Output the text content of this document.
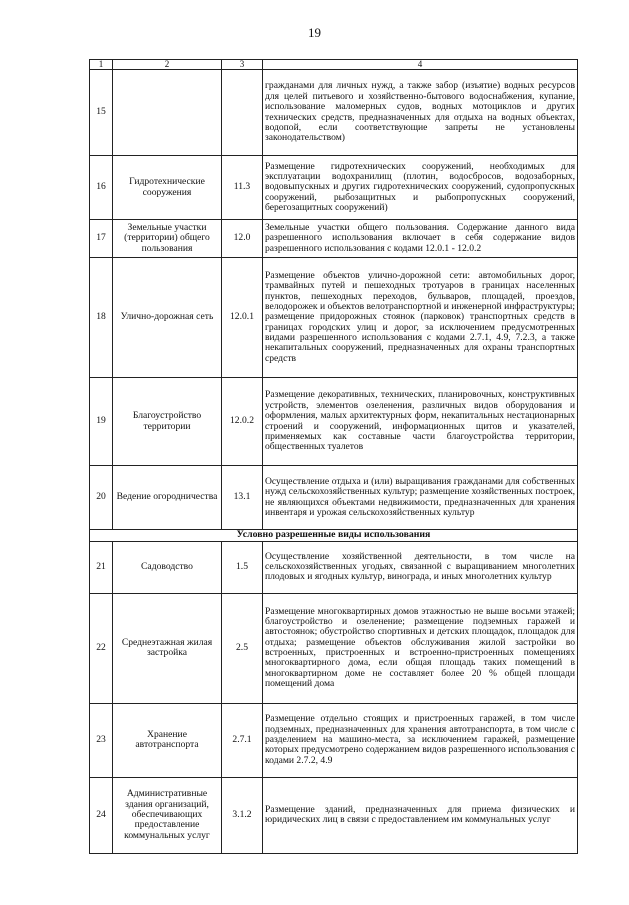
19
1	2	3	4
15			гражданами для личных нужд, а также забор (изъятие) водных ресурсов для целей питьевого и хозяйственно-бытового водоснабжения, купание, использование маломерных судов, водных мотоциклов и других технических средств, предназначенных для отдыха на водных объектах, водопой, если соответствующие запреты не установлены законодательством)
16	Гидротехнические сооружения	11.3	Размещение гидротехнических сооружений, необходимых для эксплуатации водохранилищ (плотин, водосбросов, водозаборных, водовыпускных и других гидротехнических сооружений, судопропускных сооружений, рыбозащитных и рыбопропускных сооружений, берегозащитных сооружений)
17	Земельные участки (территории) общего пользования	12.0	Земельные участки общего пользования. Содержание данного вида разрешенного использования включает в себя содержание видов разрешенного использования с кодами 12.0.1 - 12.0.2
18	Улично-дорожная сеть	12.0.1	Размещение объектов улично-дорожной сети: автомобильных дорог, трамвайных путей и пешеходных тротуаров в границах населенных пунктов, пешеходных переходов, бульваров, площадей, проездов, велодорожек и объектов велотранспортной и инженерной инфраструктуры; размещение придорожных стоянок (парковок) транспортных средств в границах городских улиц и дорог, за исключением предусмотренных видами разрешенного использования с кодами 2.7.1, 4.9, 7.2.3, а также некапитальных сооружений, предназначенных для охраны транспортных средств
19	Благоустройство территории	12.0.2	Размещение декоративных, технических, планировочных, конструктивных устройств, элементов озеленения, различных видов оборудования и оформления, малых архитектурных форм, некапитальных нестационарных строений и сооружений, информационных щитов и указателей, применяемых как составные части благоустройства территории, общественных туалетов
20	Ведение огородничества	13.1	Осуществление отдыха и (или) выращивания гражданами для собственных нужд сельскохозяйственных культур; размещение хозяйственных построек, не являющихся объектами недвижимости, предназначенных для хранения инвентаря и урожая сельскохозяйственных культур
Условно разрешенные виды использования			
21	Садоводство	1.5	Осуществление хозяйственной деятельности, в том числе на сельскохозяйственных угодьях, связанной с выращиванием многолетних плодовых и ягодных культур, винограда, и иных многолетних культур
22	Среднеэтажная жилая застройка	2.5	Размещение многоквартирных домов этажностью не выше восьми этажей; благоустройство и озеленение; размещение подземных гаражей и автостоянок; обустройство спортивных и детских площадок, площадок для отдыха; размещение объектов обслуживания жилой застройки во встроенных, пристроенных и встроенно-пристроенных помещениях многоквартирного дома, если общая площадь таких помещений в многоквартирном доме не составляет более 20 % общей площади помещений дома
23	Хранение автотранспорта	2.7.1	Размещение отдельно стоящих и пристроенных гаражей, в том числе подземных, предназначенных для хранения автотранспорта, в том числе с разделением на машино-места, за исключением гаражей, размещение которых предусмотрено содержанием видов разрешенного использования с кодами 2.7.2, 4.9
24	Административные здания организаций, обеспечивающих предоставление коммунальных услуг	3.1.2	Размещение зданий, предназначенных для приема физических и юридических лиц в связи с предоставлением им коммунальных услуг
